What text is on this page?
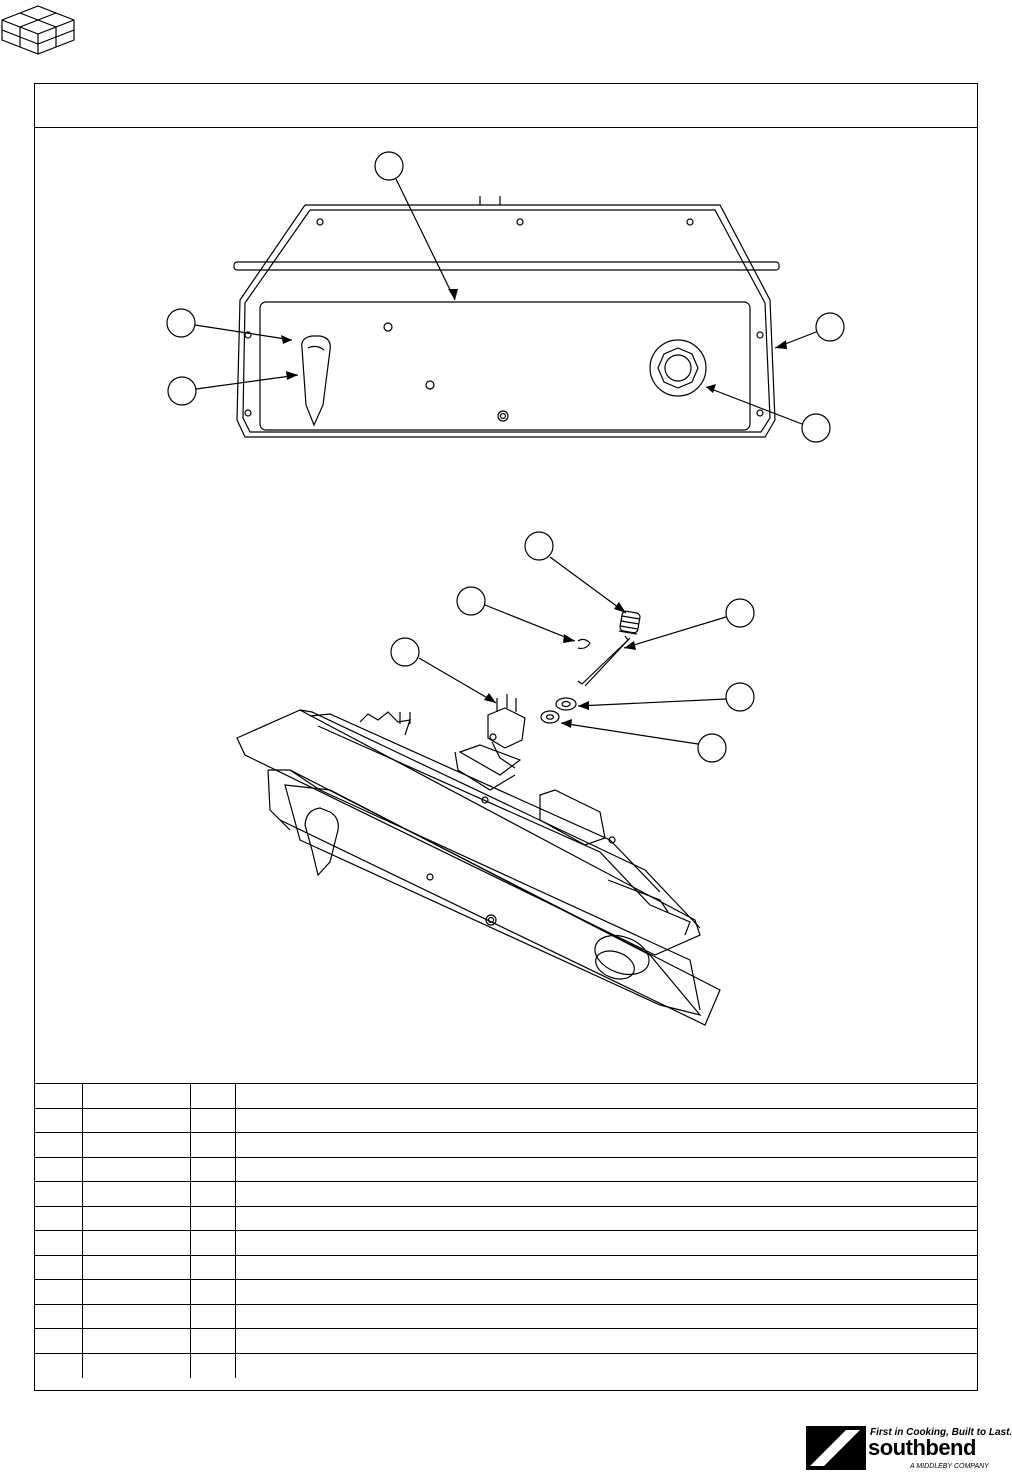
First in Cooking, Built to Last.
southbend
A MIDDLEBY COMPANY
